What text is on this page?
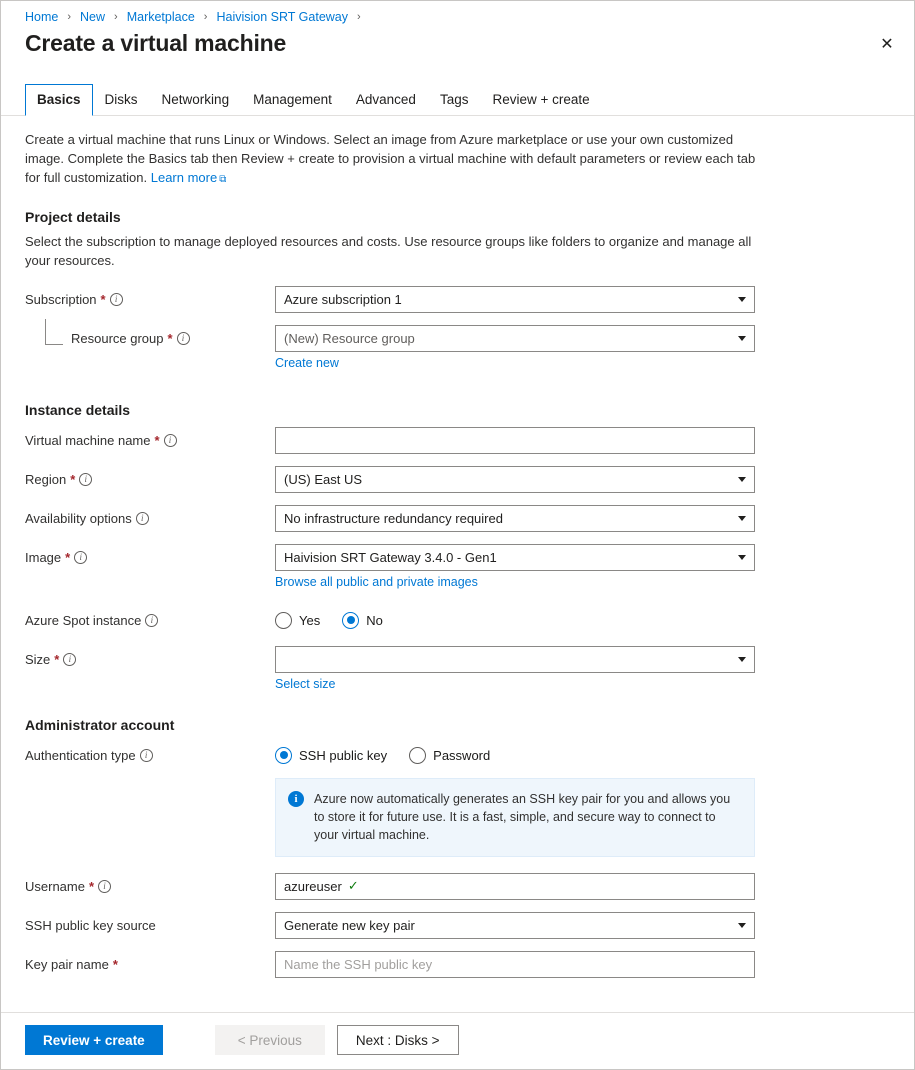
Home › New › Marketplace › Haivision SRT Gateway ›
Create a virtual machine	✕
Basics	Disks	Networking	Management	Advanced	Tags	Review + create
Create a virtual machine that runs Linux or Windows. Select an image from Azure marketplace or use your own customized image. Complete the Basics tab then Review + create to provision a virtual machine with default parameters or review each tab for full customization. Learn more ⧉
Project details
Select the subscription to manage deployed resources and costs. Use resource groups like folders to organize and manage all your resources.
Subscription *	i	Azure subscription 1
Resource group *	i	(New) Resource group
Create new
Instance details
Virtual machine name *	i
Region *	i	(US) East US
Availability options	i	No infrastructure redundancy required
Image *	i	Haivision SRT Gateway 3.4.0 - Gen1
Browse all public and private images
Azure Spot instance	i	Yes	No
Size *	i
Select size
Administrator account
Authentication type	i	SSH public key	Password
i	Azure now automatically generates an SSH key pair for you and allows you to store it for future use. It is a fast, simple, and secure way to connect to your virtual machine.
Username *	i	azureuser ✓
SSH public key source	Generate new key pair
Key pair name *	Name the SSH public key
Review + create	< Previous	Next : Disks >
